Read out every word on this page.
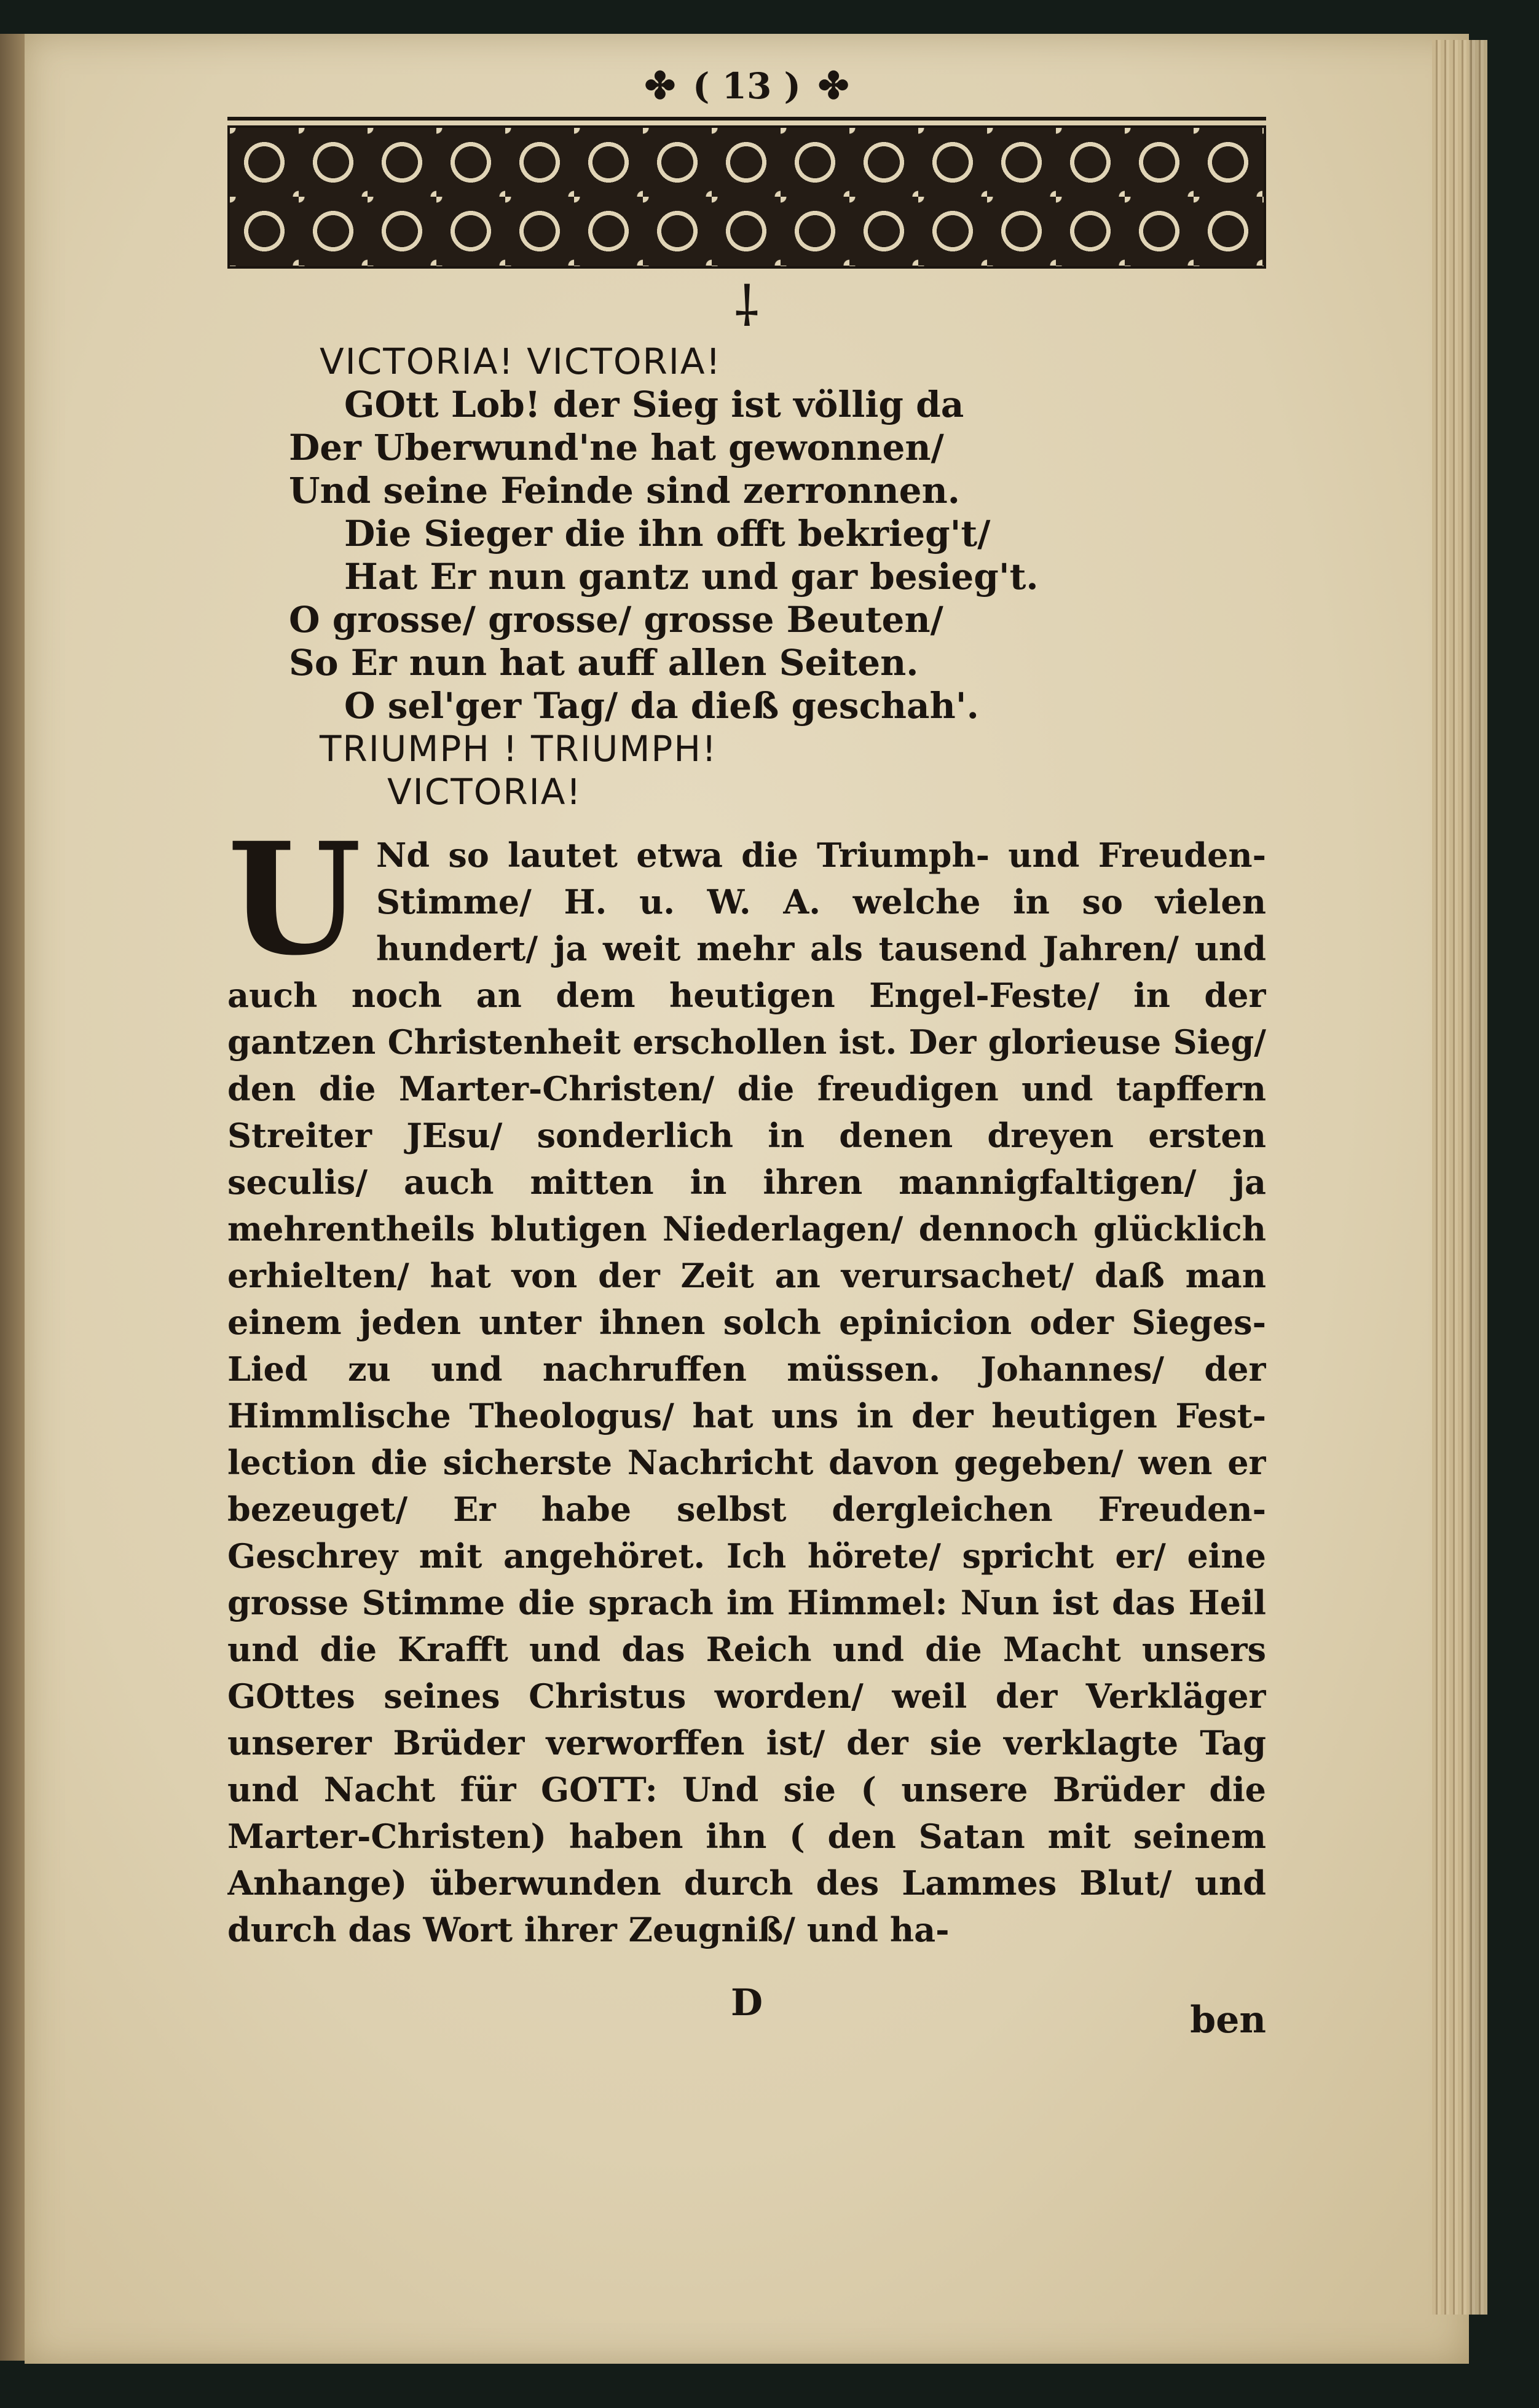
✤ ( 13 ) ✤
⸸
VICTORIA! VICTORIA!
GOtt Lob! der Sieg ist völlig da
Der Uberwund'ne hat gewonnen/
Und seine Feinde sind zerronnen.
Die Sieger die ihn offt bekrieg't/
Hat Er nun gantz und gar besieg't.
O grosse/ grosse/ grosse Beuten/
So Er nun hat auff allen Seiten.
O sel'ger Tag/ da dieß geschah'.
TRIUMPH ! TRIUMPH!
VICTORIA!
U Nd so lautet etwa die Triumph- und Freuden-Stimme/ H. u. W. A. welche in so vielen hundert/ ja weit mehr als tausend Jahren/ und auch noch an dem heutigen Engel-Feste/ in der gantzen Christenheit erschollen ist. Der glorieuse Sieg/ den die Marter-Christen/ die freudigen und tapffern Streiter JEsu/ sonderlich in denen dreyen ersten seculis/ auch mitten in ihren mannigfaltigen/ ja mehrentheils blutigen Niederlagen/ dennoch glücklich erhielten/ hat von der Zeit an verursachet/ daß man einem jeden unter ihnen solch epinicion oder Sieges-Lied zu und nachruffen müssen. Johannes/ der Himmlische Theologus/ hat uns in der heutigen Fest-lection die sicherste Nachricht davon gegeben/ wen er bezeuget/ Er habe selbst dergleichen Freuden-Geschrey mit angehöret. Ich hörete/ spricht er/ eine grosse Stimme die sprach im Himmel: Nun ist das Heil und die Krafft und das Reich und die Macht unsers GOttes seines Christus worden/ weil der Verkläger unserer Brüder verworffen ist/ der sie verklagte Tag und Nacht für GOTT: Und sie ( unsere Brüder die Marter-Christen) haben ihn ( den Satan mit seinem Anhange) überwunden durch des Lammes Blut/ und durch das Wort ihrer Zeugniß/ und ha-
D	ben
